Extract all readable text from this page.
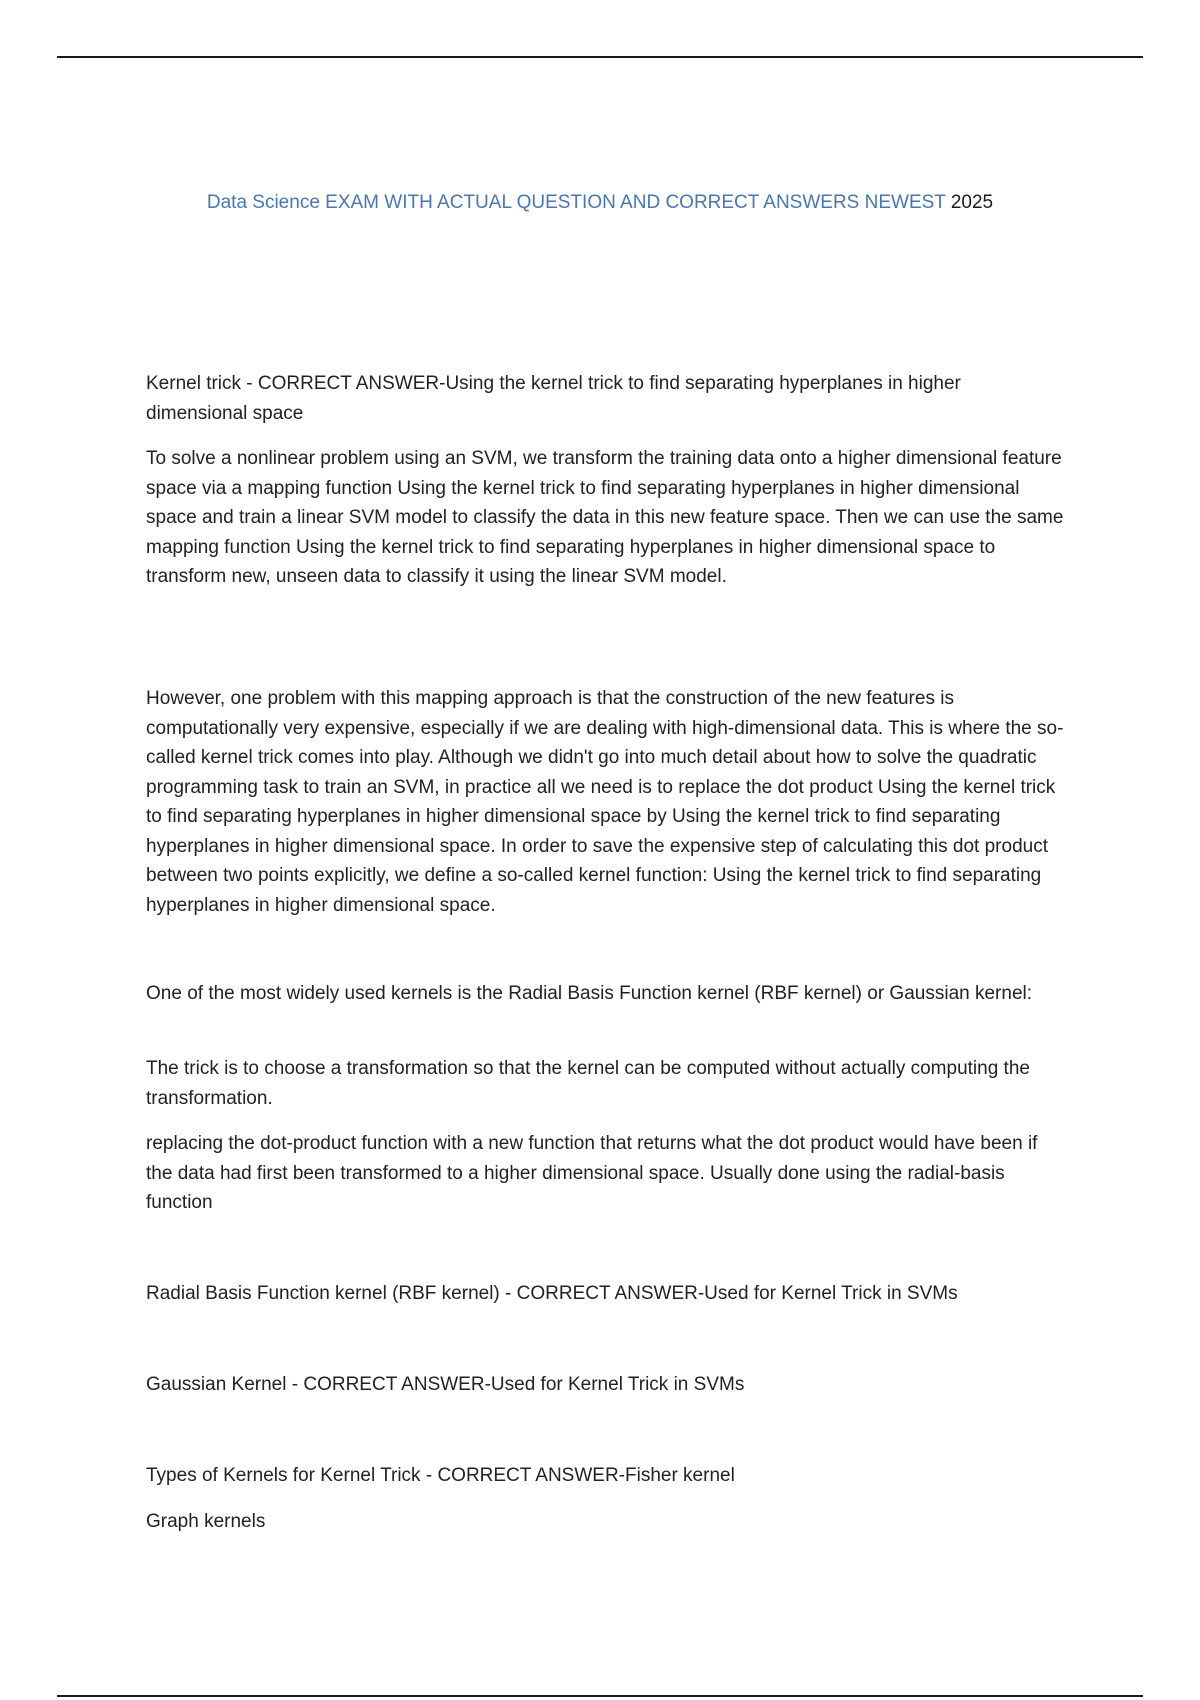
Data Science EXAM WITH ACTUAL QUESTION AND CORRECT ANSWERS NEWEST 2025

Kernel trick - CORRECT ANSWER-Using the kernel trick to find separating hyperplanes in higher dimensional space

To solve a nonlinear problem using an SVM, we transform the training data onto a higher dimensional feature space via a mapping function Using the kernel trick to find separating hyperplanes in higher dimensional space and train a linear SVM model to classify the data in this new feature space. Then we can use the same mapping function Using the kernel trick to find separating hyperplanes in higher dimensional space to transform new, unseen data to classify it using the linear SVM model.

However, one problem with this mapping approach is that the construction of the new features is computationally very expensive, especially if we are dealing with high-dimensional data. This is where the so-called kernel trick comes into play. Although we didn't go into much detail about how to solve the quadratic programming task to train an SVM, in practice all we need is to replace the dot product Using the kernel trick to find separating hyperplanes in higher dimensional space by Using the kernel trick to find separating hyperplanes in higher dimensional space. In order to save the expensive step of calculating this dot product between two points explicitly, we define a so-called kernel function: Using the kernel trick to find separating hyperplanes in higher dimensional space.

One of the most widely used kernels is the Radial Basis Function kernel (RBF kernel) or Gaussian kernel:

The trick is to choose a transformation so that the kernel can be computed without actually computing the transformation.

replacing the dot-product function with a new function that returns what the dot product would have been if the data had first been transformed to a higher dimensional space. Usually done using the radial-basis function

Radial Basis Function kernel (RBF kernel) - CORRECT ANSWER-Used for Kernel Trick in SVMs

Gaussian Kernel - CORRECT ANSWER-Used for Kernel Trick in SVMs

Types of Kernels for Kernel Trick - CORRECT ANSWER-Fisher kernel

Graph kernels
